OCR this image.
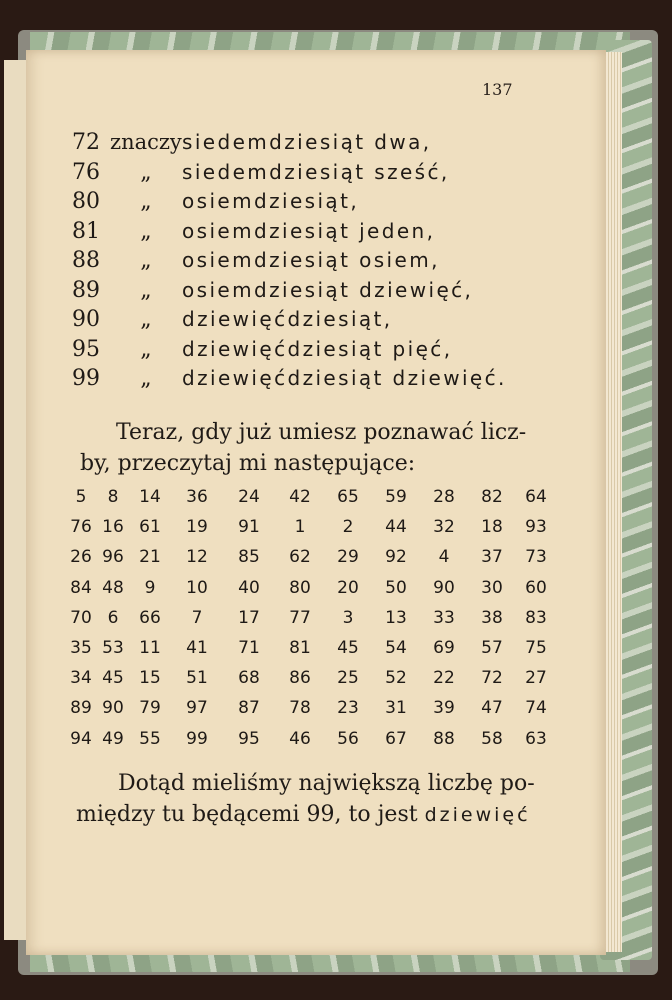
137
72 znaczy siedemdziesiąt dwa,
76	„	siedemdziesiąt sześć,
80	„	osiemdziesiąt,
81	„	osiemdziesiąt jeden,
88	„	osiemdziesiąt osiem,
89	„	osiemdziesiąt dziewięć,
90	„	dziewięćdziesiąt,
95	„	dziewięćdziesiąt pięć,
99	„	dziewięćdziesiąt dziewięć.
Teraz, gdy już umiesz poznawać licz-
by, przeczytaj mi następujące:
5	8	14	36	24	42	65	59	28	82	64
76	16	61	19	91	1	2	44	32	18	93
26	96	21	12	85	62	29	92	4	37	73
84	48	9	10	40	80	20	50	90	30	60
70	6	66	7	17	77	3	13	33	38	83
35	53	11	41	71	81	45	54	69	57	75
34	45	15	51	68	86	25	52	22	72	27
89	90	79	97	87	78	23	31	39	47	74
94	49	55	99	95	46	56	67	88	58	63
Dotąd mieliśmy największą liczbę po-
między tu będącemi 99, to jest dziewięć
